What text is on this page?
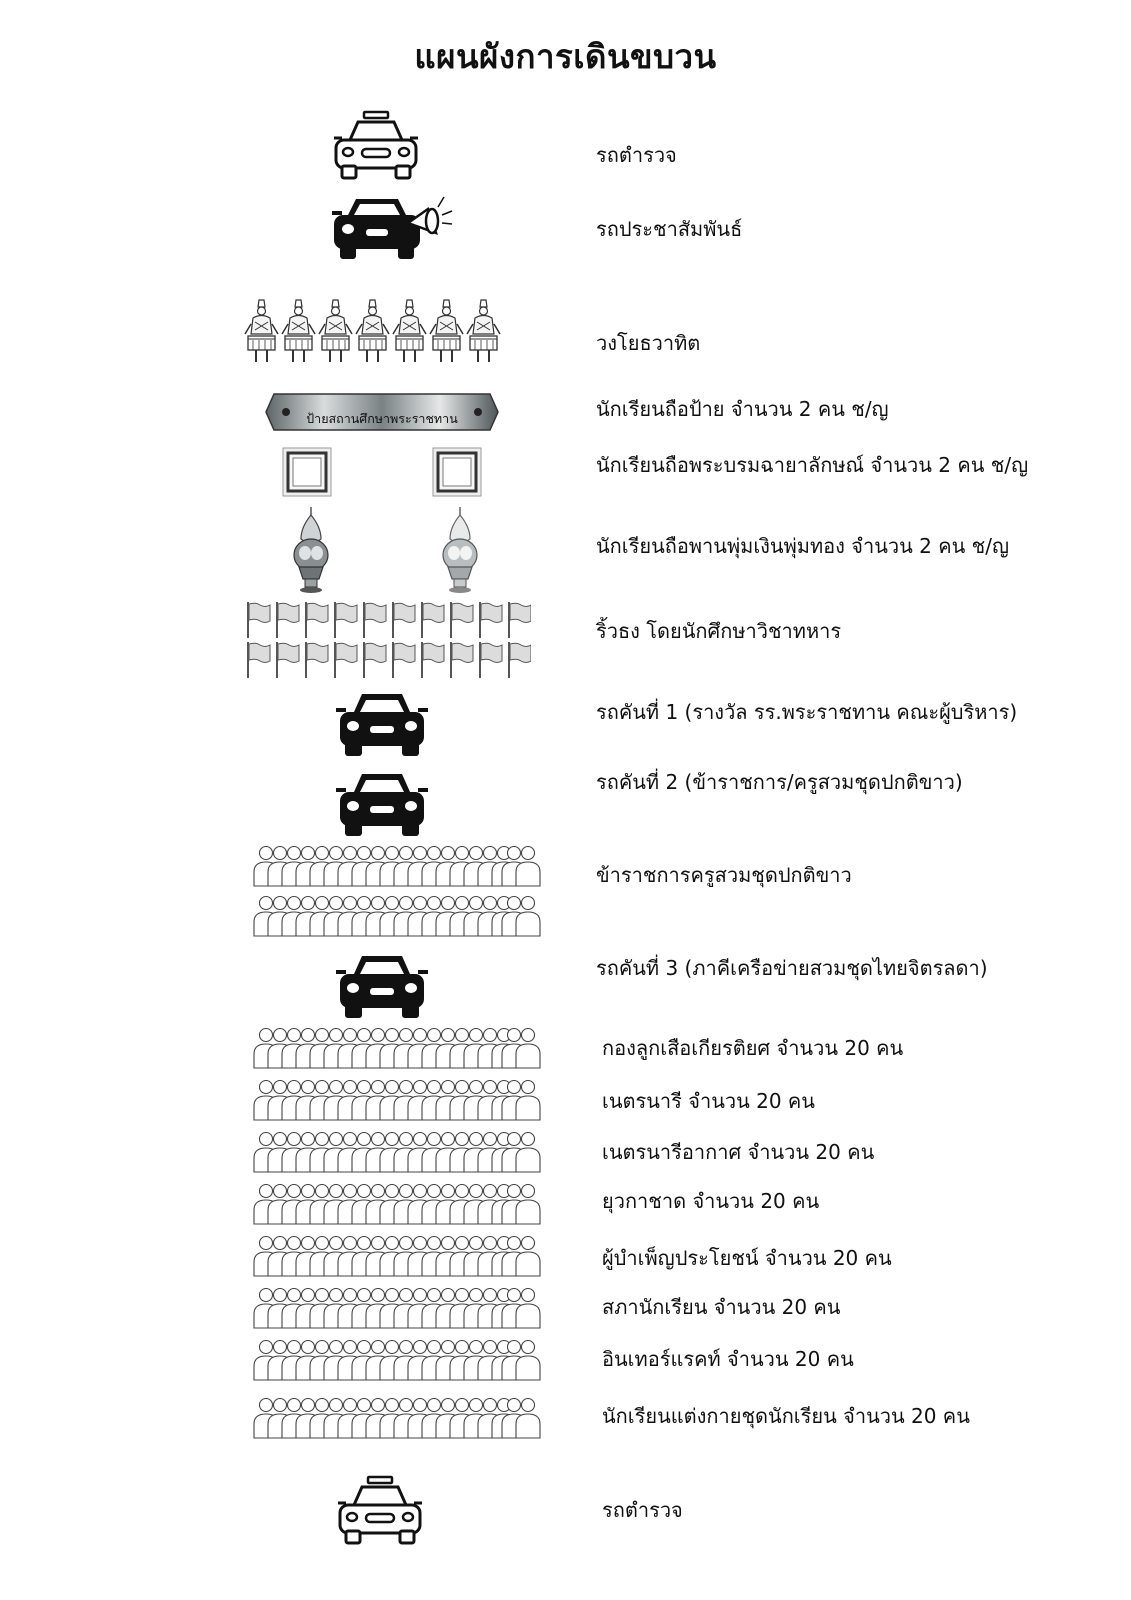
แผนผังการเดินขบวน
รถตำรวจ
รถประชาสัมพันธ์
วงโยธวาทิต
นักเรียนถือป้าย จำนวน 2 คน ช/ญ
นักเรียนถือพระบรมฉายาลักษณ์ จำนวน 2 คน ช/ญ
นักเรียนถือพานพุ่มเงินพุ่มทอง จำนวน 2 คน ช/ญ
ริ้วธง โดยนักศึกษาวิชาทหาร
รถคันที่ 1 (รางวัล รร.พระราชทาน คณะผู้บริหาร)
รถคันที่ 2 (ข้าราชการ/ครูสวมชุดปกติขาว)
ข้าราชการครูสวมชุดปกติขาว
รถคันที่ 3 (ภาคีเครือข่ายสวมชุดไทยจิตรลดา)
กองลูกเสือเกียรติยศ จำนวน 20 คน
เนตรนารี จำนวน 20 คน
เนตรนารีอากาศ จำนวน 20 คน
ยุวกาชาด จำนวน 20 คน
ผู้บำเพ็ญประโยชน์ จำนวน 20 คน
สภานักเรียน จำนวน 20 คน
อินเทอร์แรคท์ จำนวน 20 คน
นักเรียนแต่งกายชุดนักเรียน จำนวน 20 คน
รถตำรวจ
ป้ายสถานศึกษาพระราชทาน
